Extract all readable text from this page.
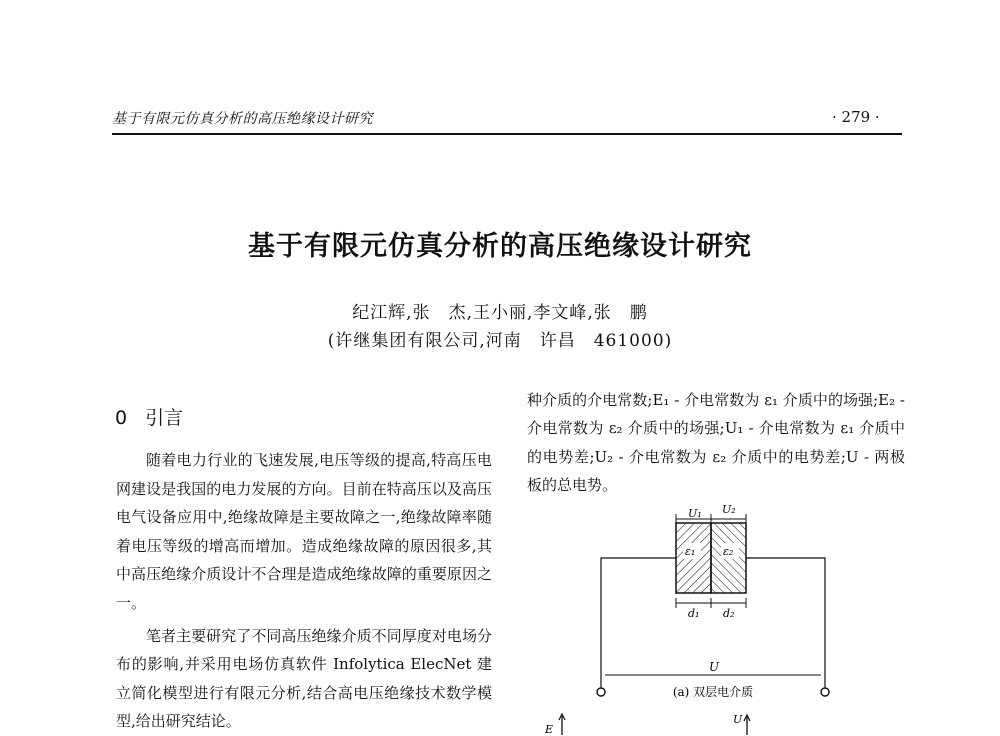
基于有限元仿真分析的高压绝缘设计研究	· 279 ·
基于有限元仿真分析的高压绝缘设计研究
纪江辉,张　杰,王小丽,李文峰,张　鹏
(许继集团有限公司,河南　许昌　461000)
0 引言

随着电力行业的飞速发展,电压等级的提高,特高压电网建设是我国的电力发展的方向。目前在特高压以及高压电气设备应用中,绝缘故障是主要故障之一,绝缘故障率随着电压等级的增高而增加。造成绝缘故障的原因很多,其中高压绝缘介质设计不合理是造成绝缘故障的重要原因之一。

笔者主要研究了不同高压绝缘介质不同厚度对电场分布的影响,并采用电场仿真软件 Infolytica ElecNet 建立简化模型进行有限元分析,结合高电压绝缘技术数学模型,给出研究结论。

种介质的介电常数;E₁ - 介电常数为 ε₁ 介质中的场强;E₂ - 介电常数为 ε₂ 介质中的场强;U₁ - 介电常数为 ε₁ 介质中的电势差;U₂ - 介电常数为 ε₂ 介质中的电势差;U - 两极板的总电势。

U₁ U₂
ε₁	ε₂
d₁ d₂
U
(a) 双层电介质
E
U
